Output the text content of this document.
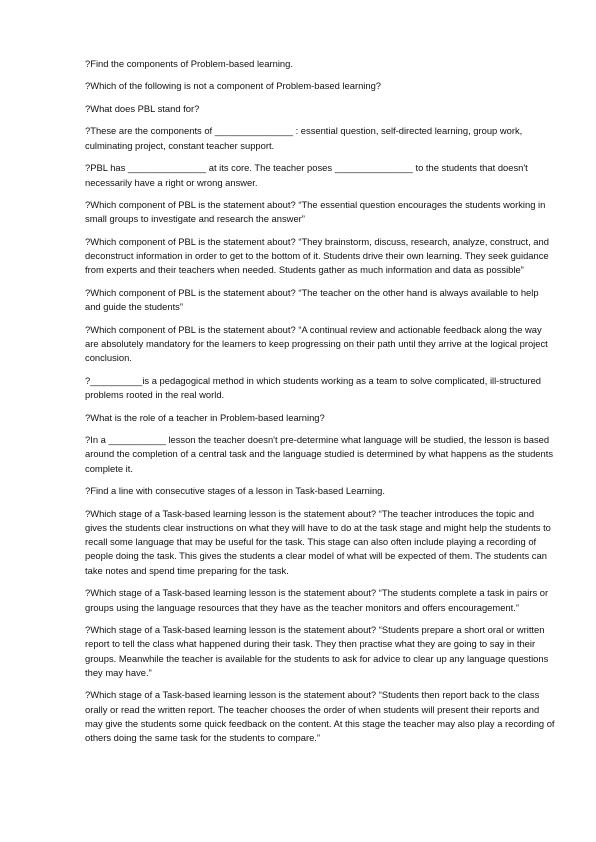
?Find the components of Problem-based learning.

?Which of the following is not a component of Problem-based learning?

?What does PBL stand for?

?These are the components of _______________ : essential question, self-directed learning, group work, culminating project, constant teacher support.

?PBL has _______________ at its core. The teacher poses _______________ to the students that doesn't necessarily have a right or wrong answer.

?Which component of PBL is the statement about? “The essential question encourages the students working in small groups to investigate and research the answer”

?Which component of PBL is the statement about? “They brainstorm, discuss, research, analyze, construct, and deconstruct information in order to get to the bottom of it. Students drive their own learning. They seek guidance from experts and their teachers when needed. Students gather as much information and data as possible”

?Which component of PBL is the statement about? “The teacher on the other hand is always available to help and guide the students”

?Which component of PBL is the statement about? “A continual review and actionable feedback along the way are absolutely mandatory for the learners to keep progressing on their path until they arrive at the logical project conclusion.

?__________is a pedagogical method in which students working as a team to solve complicated, ill-structured problems rooted in the real world.

?What is the role of a teacher in Problem-based learning?

?In a ___________ lesson the teacher doesn't pre-determine what language will be studied, the lesson is based around the completion of a central task and the language studied is determined by what happens as the students complete it.

?Find a line with consecutive stages of a lesson in Task-based Learning.

?Which stage of a Task-based learning lesson is the statement about? “The teacher introduces the topic and gives the students clear instructions on what they will have to do at the task stage and might help the students to recall some language that may be useful for the task. This stage can also often include playing a recording of people doing the task. This gives the students a clear model of what will be expected of them. The students can take notes and spend time preparing for the task.

?Which stage of a Task-based learning lesson is the statement about? “The students complete a task in pairs or groups using the language resources that they have as the teacher monitors and offers encouragement.”

?Which stage of a Task-based learning lesson is the statement about? “Students prepare a short oral or written report to tell the class what happened during their task. They then practise what they are going to say in their groups. Meanwhile the teacher is available for the students to ask for advice to clear up any language questions they may have.”

?Which stage of a Task-based learning lesson is the statement about? “Students then report back to the class orally or read the written report. The teacher chooses the order of when students will present their reports and may give the students some quick feedback on the content. At this stage the teacher may also play a recording of others doing the same task for the students to compare.”
